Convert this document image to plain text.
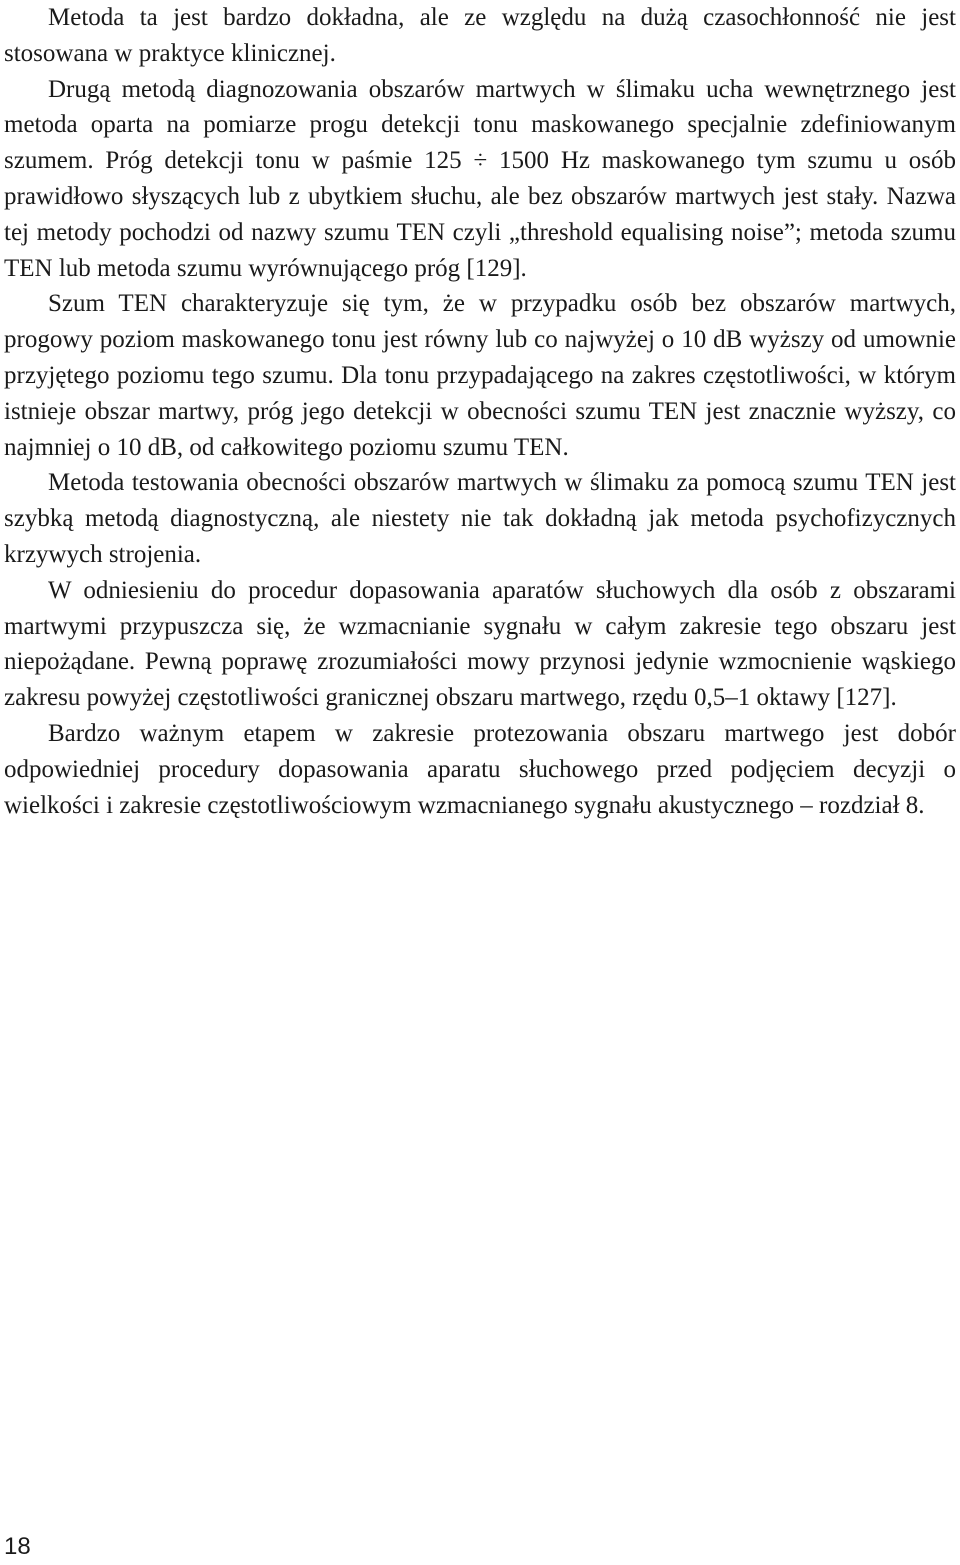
Metoda ta jest bardzo dokładna, ale ze względu na dużą czasochłonność nie jest stosowana w praktyce klinicznej.

Drugą metodą diagnozowania obszarów martwych w ślimaku ucha wewnętrznego jest metoda oparta na pomiarze progu detekcji tonu maskowanego specjalnie zdefiniowanym szumem. Próg detekcji tonu w paśmie 125 ÷ 1500 Hz maskowanego tym szumu u osób prawidłowo słyszących lub z ubytkiem słuchu, ale bez obszarów martwych jest stały. Nazwa tej metody pochodzi od nazwy szumu TEN czyli „threshold equalising noise”; metoda szumu TEN lub metoda szumu wyrównującego próg [129].

Szum TEN charakteryzuje się tym, że w przypadku osób bez obszarów martwych, progowy poziom maskowanego tonu jest równy lub co najwyżej o 10 dB wyższy od umownie przyjętego poziomu tego szumu. Dla tonu przypadającego na zakres częstotliwości, w którym istnieje obszar martwy, próg jego detekcji w obecności szumu TEN jest znacznie wyższy, co najmniej o 10 dB, od całkowitego poziomu szumu TEN.

Metoda testowania obecności obszarów martwych w ślimaku za pomocą szumu TEN jest szybką metodą diagnostyczną, ale niestety nie tak dokładną jak metoda psychofizycznych krzywych strojenia.

W odniesieniu do procedur dopasowania aparatów słuchowych dla osób z obszarami martwymi przypuszcza się, że wzmacnianie sygnału w całym zakresie tego obszaru jest niepożądane. Pewną poprawę zrozumiałości mowy przynosi jedynie wzmocnienie wąskiego zakresu powyżej częstotliwości granicznej obszaru martwego, rzędu 0,5–1 oktawy [127].

Bardzo ważnym etapem w zakresie protezowania obszaru martwego jest dobór odpowiedniej procedury dopasowania aparatu słuchowego przed podjęciem decyzji o wielkości i zakresie częstotliwościowym wzmacnianego sygnału akustycznego – rozdział 8.

18
